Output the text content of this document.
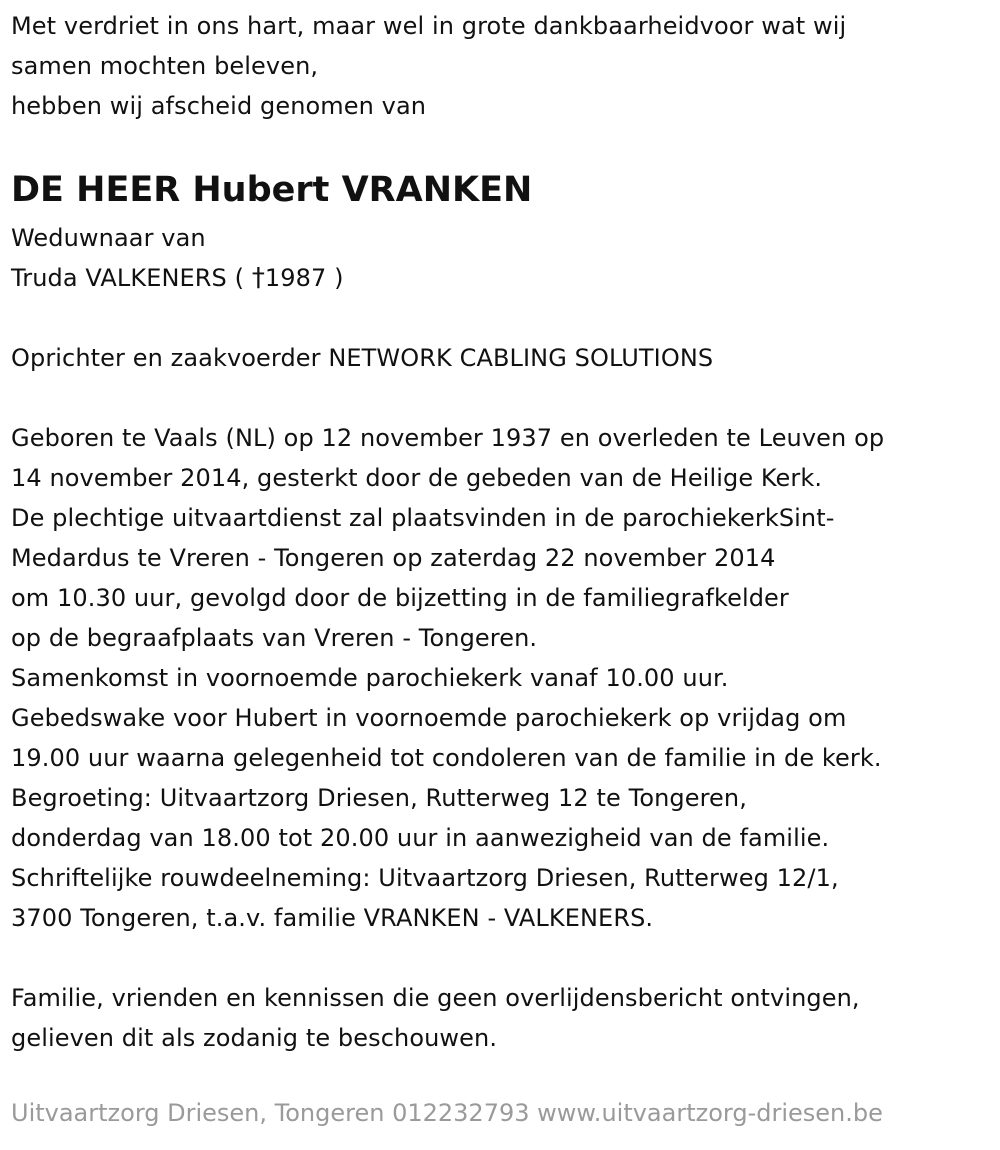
Met verdriet in ons hart, maar wel in grote dankbaarheidvoor wat wij
samen mochten beleven,
hebben wij afscheid genomen van
DE HEER Hubert VRANKEN
Weduwnaar van
Truda VALKENERS ( †1987 )
Oprichter en zaakvoerder NETWORK CABLING SOLUTIONS
Geboren te Vaals (NL) op 12 november 1937 en overleden te Leuven op
14 november 2014, gesterkt door de gebeden van de Heilige Kerk.
De plechtige uitvaartdienst zal plaatsvinden in de parochiekerkSint-
Medardus te Vreren - Tongeren op zaterdag 22 november 2014
om 10.30 uur, gevolgd door de bijzetting in de familiegrafkelder
op de begraafplaats van Vreren - Tongeren.
Samenkomst in voornoemde parochiekerk vanaf 10.00 uur.
Gebedswake voor Hubert in voornoemde parochiekerk op vrijdag om
19.00 uur waarna gelegenheid tot condoleren van de familie in de kerk.
Begroeting: Uitvaartzorg Driesen, Rutterweg 12 te Tongeren,
donderdag van 18.00 tot 20.00 uur in aanwezigheid van de familie.
Schriftelijke rouwdeelneming: Uitvaartzorg Driesen, Rutterweg 12/1,
3700 Tongeren, t.a.v. familie VRANKEN - VALKENERS.
Familie, vrienden en kennissen die geen overlijdensbericht ontvingen,
gelieven dit als zodanig te beschouwen.
Uitvaartzorg Driesen, Tongeren 012232793 www.uitvaartzorg-driesen.be
